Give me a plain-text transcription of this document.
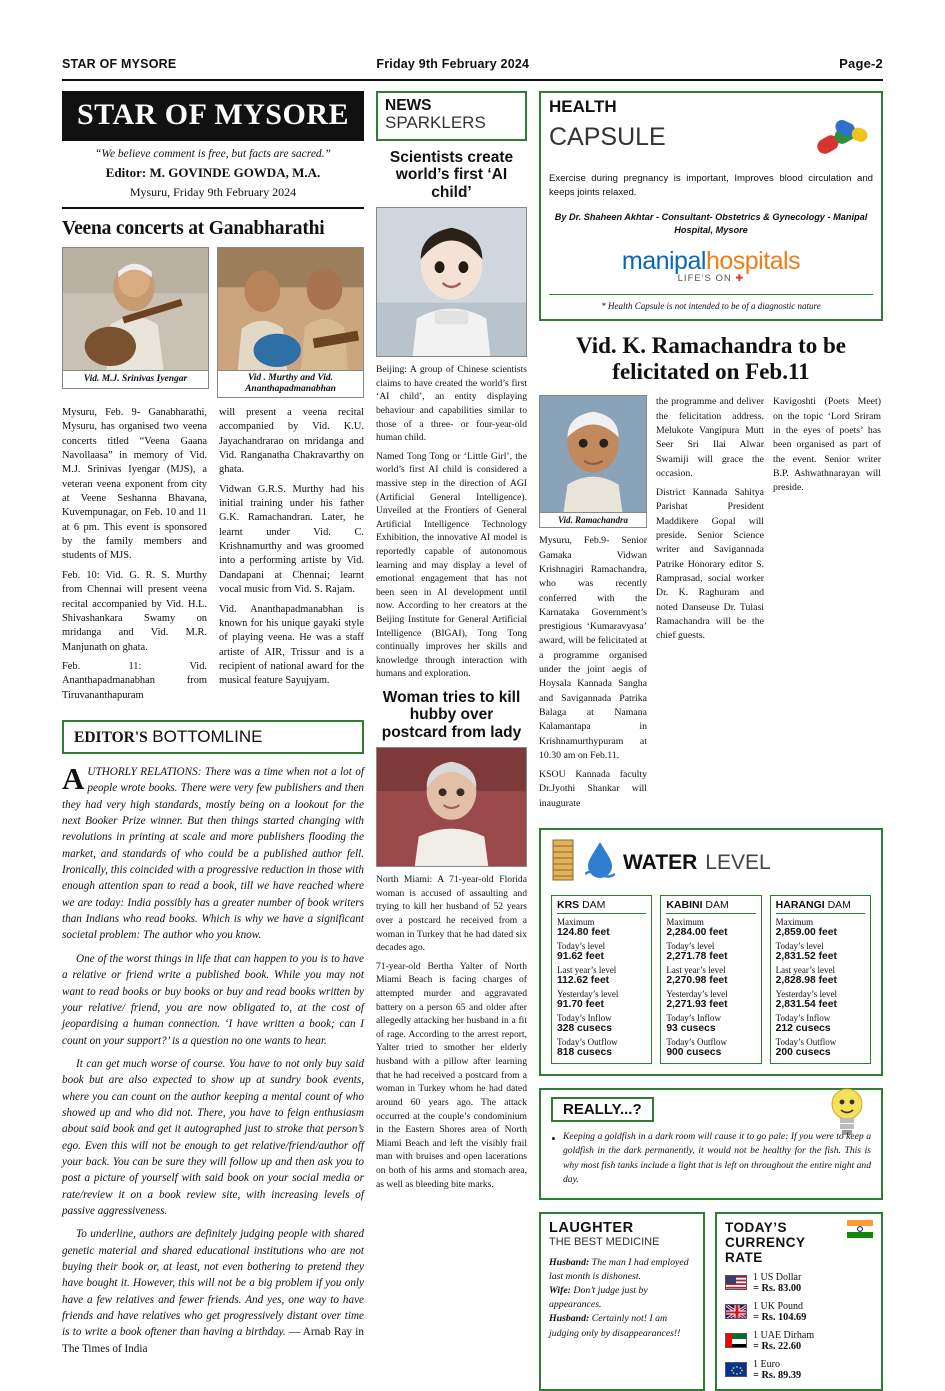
STAR OF MYSORE	Friday 9th February 2024	Page-2
STAR OF MYSORE
“We believe comment is free, but facts are sacred.”
Editor: M. GOVINDE GOWDA, M.A.
Mysuru, Friday 9th February 2024
Veena concerts at Ganabharathi
Vid. M.J. Srinivas Iyengar	Vid . Murthy and Vid. Ananthapadmanabhan

Mysuru, Feb. 9- Ganabharathi, Mysuru, has organised two veena concerts titled “Veena Gaana Navollaasa” in memory of Vid. M.J. Srinivas Iyengar (MJS), a veteran veena exponent from city at Veene Seshanna Bhavana, Kuvempunagar, on Feb. 10 and 11 at 6 pm. This event is sponsored by the family members and students of MJS.

Feb. 10: Vid. G. R. S. Murthy from Chennai will present veena recital accompanied by Vid. H.L. Shivashankara Swamy on mridanga and Vid. M.R. Manjunath on ghata.

Feb. 11: Vid. Ananthapadmanabhan from Tiruvananthapuram

will present a veena recital accompanied by Vid. K.U. Jayachandrarao on mridanga and Vid. Ranganatha Chakravarthy on ghata.

Vidwan G.R.S. Murthy had his initial training under his father G.K. Ramachandran. Later, he learnt under Vid. C. Krishnamurthy and was groomed into a performing artiste by Vid. Dandapani at Chennai; learnt vocal music from Vid. S. Rajam.

Vid. Ananthapadmanabhan is known for his unique gayaki style of playing veena. He was a staff artiste of AIR, Trissur and is a recipient of national award for the musical feature Sayujyam.

EDITOR'S BOTTOMLINE

AUTHORLY RELATIONS: There was a time when not a lot of people wrote books. There were very few publishers and then they had very high standards, mostly being on a lookout for the next Booker Prize winner. But then things started changing with revolutions in printing at scale and more publishers flooding the market, and standards of who could be a published author fell. Ironically, this coincided with a progressive reduction in those with enough attention span to read a book, till we have reached where we are today: India possibly has a greater number of book writers than Indians who read books. Which is why we have a significant societal problem: The author who you know.

One of the worst things in life that can happen to you is to have a relative or friend write a published book. While you may not want to read books or buy books or buy and read books written by your relative/ friend, you are now obligated to, at the cost of jeopardising a human connection. ‘I have written a book; can I count on your support?’ is a question no one wants to hear.

It can get much worse of course. You have to not only buy said book but are also expected to show up at sundry book events, where you can count on the author keeping a mental count of who showed up and who did not. There, you have to feign enthusiasm about said book and get it autographed just to stroke that person’s ego. Even this will not be enough to get relative/friend/author off your back. You can be sure they will follow up and then ask you to post a picture of yourself with said book on your social media or rate/review it on a book review site, with increasing levels of passive aggressiveness.

To underline, authors are definitely judging people with shared genetic material and shared educational institutions who are not buying their book or, at least, not even bothering to pretend they have bought it. However, this will not be a big problem if you only have a few relatives and fewer friends. And yes, one way to have friends and have relatives who get progressively distant over time is to write a book oftener than having a birthday. — Arnab Ray in The Times of India

NEWS
SPARKLERS
Scientists create world’s first ‘AI child’

Beijing: A group of Chinese scientists claims to have created the world’s first ‘AI child’, an entity displaying behaviour and capabilities similar to those of a three- or four-year-old human child.

Named Tong Tong or ‘Little Girl’, the world’s first AI child is considered a massive step in the direction of AGI (Artificial General Intelligence). Unveiled at the Frontiers of General Artificial Intelligence Technology Exhibition, the innovative AI model is reportedly capable of autonomous learning and may display a level of emotional engagement that has not been seen in AI development until now. According to her creators at the Beijing Institute for General Artificial Intelligence (BIGAI), Tong Tong continually improves her skills and knowledge through interaction with humans and exploration.

Woman tries to kill hubby over postcard from lady

North Miami: A 71-year-old Florida woman is accused of assaulting and trying to kill her husband of 52 years over a postcard he received from a woman in Turkey that he had dated six decades ago.

71-year-old Bertha Yalter of North Miami Beach is facing charges of attempted murder and aggravated battery on a person 65 and older after allegedly attacking her husband in a fit of rage. According to the arrest report, Yalter tried to smother her elderly husband with a pillow after learning that he had received a postcard from a woman in Turkey whom he had dated around 60 years ago. The attack occurred at the couple’s condominium in the Eastern Shores area of North Miami Beach and left the visibly frail man with bruises and open lacerations on both of his arms and stomach area, as well as bleeding bite marks.

HEALTH
CAPSULE
Exercise during pregnancy is important, Improves blood circulation and keeps joints relaxed.
By Dr. Shaheen Akhtar - Consultant- Obstetrics & Gynecology - Manipal Hospital, Mysore
manipalhospitals
LIFE'S ON ✚
* Health Capsule is not intended to be of a diagnostic nature
Vid. K. Ramachandra to be felicitated on Feb.11
Vid. Ramachandra

Mysuru, Feb.9- Senior Gamaka Vidwan Krishnagiri Ramachandra, who was recently conferred with the Karnataka Government’s prestigious ‘Kumaravyasa’ award, will be felicitated at a programme organised under the joint aegis of Hoysala Kannada Sangha and Savigannada Patrika Balaga at Namana Kalamantapa in Krishnamurthypuram at 10.30 am on Feb.11.

KSOU Kannada faculty Dr.Jyothi Shankar will inaugurate

the programme and deliver the felicitation address. Melukote Vangipura Mutt Seer Sri Ilai Alwar Swamiji will grace the occasion.

District Kannada Sahitya Parishat President Maddikere Gopal will preside. Senior Science writer and Savigannada Patrike Honorary editor S. Ramprasad, social worker Dr. K. Raghuram and noted Danseuse Dr. Tulasi Ramachandra will be the chief guests.

Kavigoshti (Poets Meet) on the topic ‘Lord Sriram in the eyes of poets’ has been organised as part of the event. Senior writer B.P. Ashwathnarayan will preside.

WATER LEVEL
KRS DAM
Maximum
124.80 feet
Today’s level
91.62 feet
Last year’s level
112.62 feet
Yesterday’s level
91.70 feet
Today’s Inflow
328 cusecs
Today’s Outflow
818 cusecs
KABINI DAM
Maximum
2,284.00 feet
Today’s level
2,271.78 feet
Last year’s level
2,270.98 feet
Yesterday’s level
2,271.93 feet
Today’s Inflow
93 cusecs
Today’s Outflow
900 cusecs
HARANGI DAM
Maximum
2,859.00 feet
Today’s level
2,831.52 feet
Last year’s level
2,828.98 feet
Yesterday’s level
2,831.54 feet
Today’s Inflow
212 cusecs
Today’s Outflow
200 cusecs
REALLY...?
• Keeping a goldfish in a dark room will cause it to go pale: If you were to keep a goldfish in the dark permanently, it would not be healthy for the fish. This is why most fish tanks include a light that is left on throughout the entire night and day.
LAUGHTER
THE BEST MEDICINE
Husband: The man I had employed last month is dishonest.
Wife: Don’t judge just by appearances.
Husband: Certainly not! I am judging only by disappearances!!
TODAY’S
CURRENCY RATE
1 US Dollar
= Rs. 83.00
1 UK Pound
= Rs. 104.69
1 UAE Dirham
= Rs. 22.60
1 Euro
= Rs. 89.39
